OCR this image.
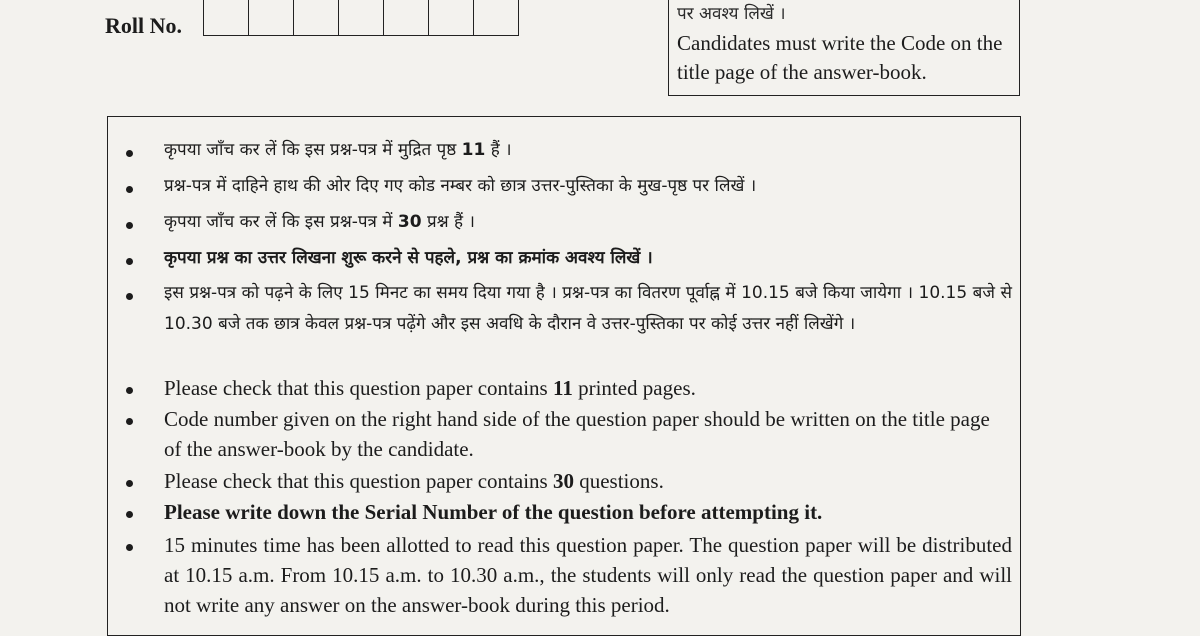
Roll No.	पर अवश्य लिखें ।
Candidates must write the Code on the title page of the answer-book.
कृपया जाँच कर लें कि इस प्रश्न-पत्र में मुद्रित पृष्ठ 11 हैं ।
प्रश्न-पत्र में दाहिने हाथ की ओर दिए गए कोड नम्बर को छात्र उत्तर-पुस्तिका के मुख-पृष्ठ पर लिखें ।
कृपया जाँच कर लें कि इस प्रश्न-पत्र में 30 प्रश्न हैं ।
कृपया प्रश्न का उत्तर लिखना शुरू करने से पहले, प्रश्न का क्रमांक अवश्य लिखें ।
इस प्रश्न-पत्र को पढ़ने के लिए 15 मिनट का समय दिया गया है । प्रश्न-पत्र का वितरण पूर्वाह्न में 10.15 बजे किया जायेगा । 10.15 बजे से 10.30 बजे तक छात्र केवल प्रश्न-पत्र पढ़ेंगे और इस अवधि के दौरान वे उत्तर-पुस्तिका पर कोई उत्तर नहीं लिखेंगे ।
Please check that this question paper contains 11 printed pages.
Code number given on the right hand side of the question paper should be written on the title page of the answer-book by the candidate.
Please check that this question paper contains 30 questions.
Please write down the Serial Number of the question before attempting it.
15 minutes time has been allotted to read this question paper. The question paper will be distributed at 10.15 a.m. From 10.15 a.m. to 10.30 a.m., the students will only read the question paper and will not write any answer on the answer-book during this period.
